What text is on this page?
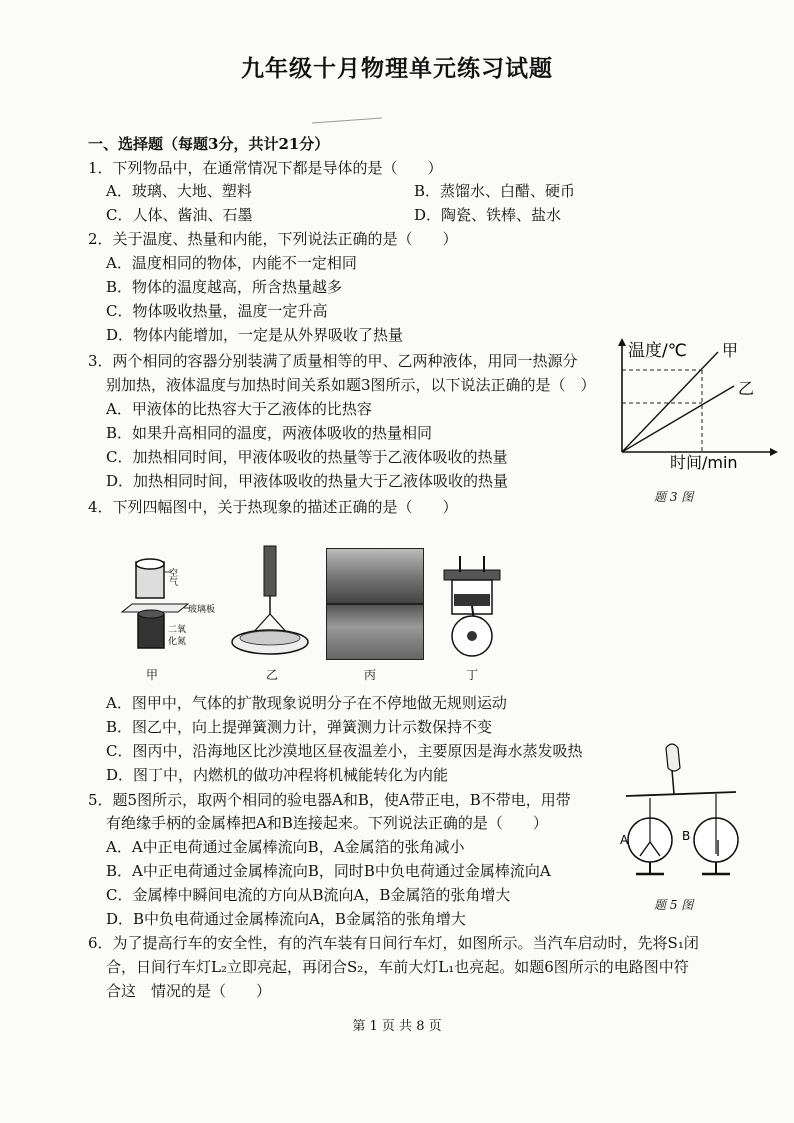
九年级十月物理单元练习试题
一、选择题（每题3分，共计21分）
1．下列物品中，在通常情况下都是导体的是（　　）
A．玻璃、大地、塑料	B．蒸馏水、白醋、硬币
C．人体、酱油、石墨	D．陶瓷、铁棒、盐水
2．关于温度、热量和内能，下列说法正确的是（　　）
A．温度相同的物体，内能不一定相同
B．物体的温度越高，所含热量越多
C．物体吸收热量，温度一定升高
D．物体内能增加，一定是从外界吸收了热量
3．两个相同的容器分别装满了质量相等的甲、乙两种液体，用同一热源分
别加热，液体温度与加热时间关系如题3图所示，以下说法正确的是（　）
A．甲液体的比热容大于乙液体的比热容
B．如果升高相同的温度，两液体吸收的热量相同
C．加热相同时间，甲液体吸收的热量等于乙液体吸收的热量
D．加热相同时间，甲液体吸收的热量大于乙液体吸收的热量
温度/℃ 甲
乙
时间/min
题 3 图
4．下列四幅图中，关于热现象的描述正确的是（　　）
空气
玻璃板
二氧
化氮
甲	乙	丙	丁
A．图甲中，气体的扩散现象说明分子在不停地做无规则运动
B．图乙中，向上提弹簧测力计，弹簧测力计示数保持不变
C．图丙中，沿海地区比沙漠地区昼夜温差小，主要原因是海水蒸发吸热
D．图丁中，内燃机的做功冲程将机械能转化为内能
5．题5图所示，取两个相同的验电器A和B，使A带正电，B不带电，用带
有绝缘手柄的金属棒把A和B连接起来。下列说法正确的是（　　）
A．A中正电荷通过金属棒流向B，A金属箔的张角减小
B．A中正电荷通过金属棒流向B，同时B中负电荷通过金属棒流向A
C．金属棒中瞬间电流的方向从B流向A，B金属箔的张角增大
D．B中负电荷通过金属棒流向A，B金属箔的张角增大
A	B
题 5 图
6．为了提高行车的安全性，有的汽车装有日间行车灯，如图所示。当汽车启动时，先将S₁闭
合，日间行车灯L₂立即亮起，再闭合S₂，车前大灯L₁也亮起。如题6图所示的电路图中符
合这　情况的是（　　）
第 1 页 共 8 页
